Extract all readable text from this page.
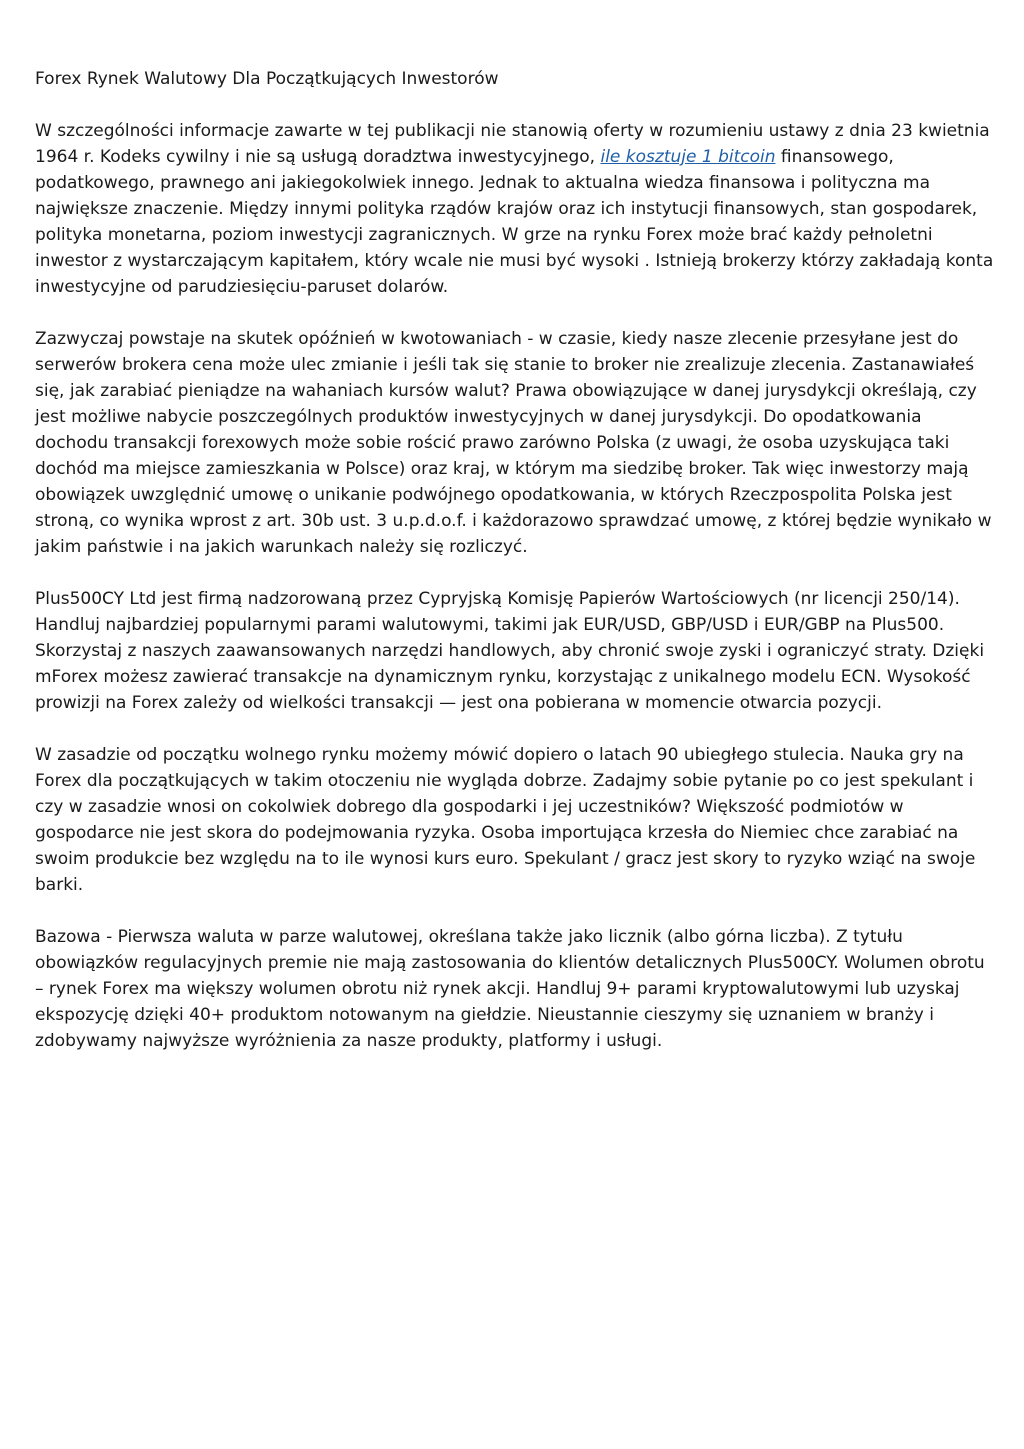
Forex Rynek Walutowy Dla Początkujących Inwestorów

W szczególności informacje zawarte w tej publikacji nie stanowią oferty w rozumieniu ustawy z dnia 23 kwietnia 1964 r. Kodeks cywilny i nie są usługą doradztwa inwestycyjnego, ile kosztuje 1 bitcoin finansowego, podatkowego, prawnego ani jakiegokolwiek innego. Jednak to aktualna wiedza finansowa i polityczna ma największe znaczenie. Między innymi polityka rządów krajów oraz ich instytucji finansowych, stan gospodarek, polityka monetarna, poziom inwestycji zagranicznych. W grze na rynku Forex może brać każdy pełnoletni inwestor z wystarczającym kapitałem, który wcale nie musi być wysoki . Istnieją brokerzy którzy zakładają konta inwestycyjne od parudziesięciu-paruset dolarów.

Zazwyczaj powstaje na skutek opóźnień w kwotowaniach - w czasie, kiedy nasze zlecenie przesyłane jest do serwerów brokera cena może ulec zmianie i jeśli tak się stanie to broker nie zrealizuje zlecenia. Zastanawiałeś się, jak zarabiać pieniądze na wahaniach kursów walut? Prawa obowiązujące w danej jurysdykcji określają, czy jest możliwe nabycie poszczególnych produktów inwestycyjnych w danej jurysdykcji. Do opodatkowania dochodu transakcji forexowych może sobie rościć prawo zarówno Polska (z uwagi, że osoba uzyskująca taki dochód ma miejsce zamieszkania w Polsce) oraz kraj, w którym ma siedzibę broker. Tak więc inwestorzy mają obowiązek uwzględnić umowę o unikanie podwójnego opodatkowania, w których Rzeczpospolita Polska jest stroną, co wynika wprost z art. 30b ust. 3 u.p.d.o.f. i każdorazowo sprawdzać umowę, z której będzie wynikało w jakim państwie i na jakich warunkach należy się rozliczyć.

Plus500CY Ltd jest firmą nadzorowaną przez Cypryjską Komisję Papierów Wartościowych (nr licencji 250/14). Handluj najbardziej popularnymi parami walutowymi, takimi jak EUR/USD, GBP/USD i EUR/GBP na Plus500. Skorzystaj z naszych zaawansowanych narzędzi handlowych, aby chronić swoje zyski i ograniczyć straty. Dzięki mForex możesz zawierać transakcje na dynamicznym rynku, korzystając z unikalnego modelu ECN. Wysokość prowizji na Forex zależy od wielkości transakcji — jest ona pobierana w momencie otwarcia pozycji.

W zasadzie od początku wolnego rynku możemy mówić dopiero o latach 90 ubiegłego stulecia. Nauka gry na Forex dla początkujących w takim otoczeniu nie wygląda dobrze. Zadajmy sobie pytanie po co jest spekulant i czy w zasadzie wnosi on cokolwiek dobrego dla gospodarki i jej uczestników? Większość podmiotów w gospodarce nie jest skora do podejmowania ryzyka. Osoba importująca krzesła do Niemiec chce zarabiać na swoim produkcie bez względu na to ile wynosi kurs euro. Spekulant / gracz jest skory to ryzyko wziąć na swoje barki.

Bazowa - Pierwsza waluta w parze walutowej, określana także jako licznik (albo górna liczba). Z tytułu obowiązków regulacyjnych premie nie mają zastosowania do klientów detalicznych Plus500CY. Wolumen obrotu – rynek Forex ma większy wolumen obrotu niż rynek akcji. Handluj 9+ parami kryptowalutowymi lub uzyskaj ekspozycję dzięki 40+ produktom notowanym na giełdzie. Nieustannie cieszymy się uznaniem w branży i zdobywamy najwyższe wyróżnienia za nasze produkty, platformy i usługi.
